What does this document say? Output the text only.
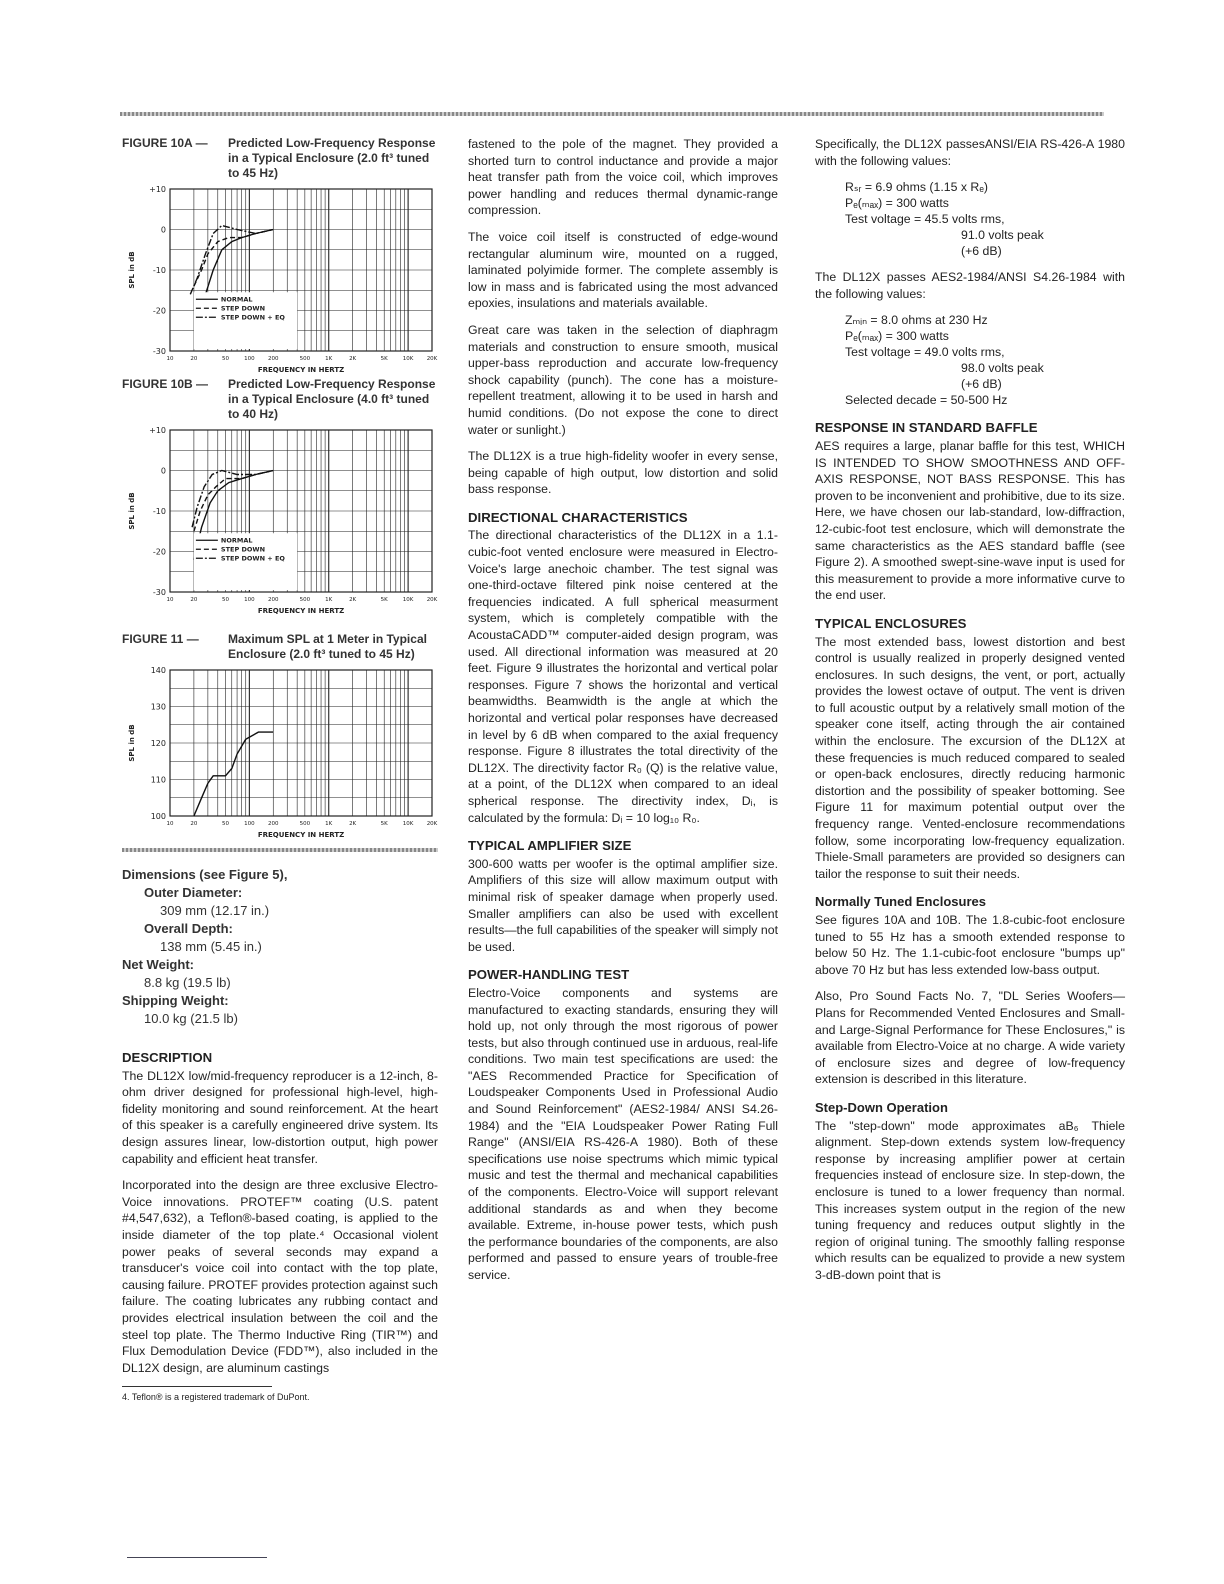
FIGURE 10A —	Predicted Low-Frequency Response in a Typical Enclosure (2.0 ft³ tuned to 45 Hz)
+10
0
-10
-20
-30
10	20	50	100 200	500	1K	2K	5K	10K 20K
SPL in dB
FREQUENCY IN HERTZ
NORMAL
STEP DOWN
STEP DOWN + EQ
FIGURE 10B —	Predicted Low-Frequency Response in a Typical Enclosure (4.0 ft³ tuned to 40 Hz)
+10
0
-10
-20
-30
10	20	50	100 200	500	1K	2K	5K	10K 20K
SPL in dB
FREQUENCY IN HERTZ
NORMAL
STEP DOWN
STEP DOWN + EQ
FIGURE 11 —	Maximum SPL at 1 Meter in Typical Enclosure (2.0 ft³ tuned to 45 Hz)
140
130
120
110
100
10	20	50	100 200	500	1K	2K	5K	10K 20K
SPL in dB
FREQUENCY IN HERTZ
Dimensions (see Figure 5),
Outer Diameter:
309 mm (12.17 in.)
Overall Depth:
138 mm (5.45 in.)
Net Weight:
8.8 kg (19.5 lb)
Shipping Weight:
10.0 kg (21.5 lb)
DESCRIPTION

The DL12X low/mid-frequency reproducer is a 12-inch, 8-ohm driver designed for professional high-level, high-fidelity monitoring and sound reinforcement. At the heart of this speaker is a carefully engineered drive system. Its design assures linear, low-distortion output, high power capability and efficient heat transfer.

Incorporated into the design are three exclusive Electro-Voice innovations. PROTEF™ coating (U.S. patent #4,547,632), a Teflon®-based coating, is applied to the inside diameter of the top plate.⁴ Occasional violent power peaks of several seconds may expand a transducer's voice coil into contact with the top plate, causing failure. PROTEF provides protection against such failure. The coating lubricates any rubbing contact and provides electrical insulation between the coil and the steel top plate. The Thermo Inductive Ring (TIR™) and Flux Demodulation Device (FDD™), also included in the DL12X design, are aluminum castings

4. Teflon® is a registered trademark of DuPont.

fastened to the pole of the magnet. They provided a shorted turn to control inductance and provide a major heat transfer path from the voice coil, which improves power handling and reduces thermal dynamic-range compression.

The voice coil itself is constructed of edge-wound rectangular aluminum wire, mounted on a rugged, laminated polyimide former. The complete assembly is low in mass and is fabricated using the most advanced epoxies, insulations and materials available.

Great care was taken in the selection of diaphragm materials and construction to ensure smooth, musical upper-bass reproduction and accurate low-frequency shock capability (punch). The cone has a moisture-repellent treatment, allowing it to be used in harsh and humid conditions. (Do not expose the cone to direct water or sunlight.)

The DL12X is a true high-fidelity woofer in every sense, being capable of high output, low distortion and solid bass response.

DIRECTIONAL CHARACTERISTICS

The directional characteristics of the DL12X in a 1.1-cubic-foot vented enclosure were measured in Electro-Voice's large anechoic chamber. The test signal was one-third-octave filtered pink noise centered at the frequencies indicated. A full spherical measurment system, which is completely compatible with the AcoustaCADD™ computer-aided design program, was used. All directional information was measured at 20 feet. Figure 9 illustrates the horizontal and vertical polar responses. Figure 7 shows the horizontal and vertical beamwidths. Beamwidth is the angle at which the horizontal and vertical polar responses have decreased in level by 6 dB when compared to the axial frequency response. Figure 8 illustrates the total directivity of the DL12X. The directivity factor R₀ (Q) is the relative value, at a point, of the DL12X when compared to an ideal spherical response. The directivity index, Dᵢ, is calculated by the formula: Dᵢ = 10 log₁₀ R₀.

TYPICAL AMPLIFIER SIZE

300-600 watts per woofer is the optimal amplifier size. Amplifiers of this size will allow maximum output with minimal risk of speaker damage when properly used. Smaller amplifiers can also be used with excellent results—the full capabilities of the speaker will simply not be used.

POWER-HANDLING TEST

Electro-Voice components and systems are manufactured to exacting standards, ensuring they will hold up, not only through the most rigorous of power tests, but also through continued use in arduous, real-life conditions. Two main test specifications are used: the "AES Recommended Practice for Specification of Loudspeaker Components Used in Professional Audio and Sound Reinforcement" (AES2-1984/ ANSI S4.26-1984) and the "EIA Loudspeaker Power Rating Full Range" (ANSI/EIA RS-426-A 1980). Both of these specifications use noise spectrums which mimic typical music and test the thermal and mechanical capabilities of the components. Electro-Voice will support relevant additional standards as and when they become available. Extreme, in-house power tests, which push the performance boundaries of the components, are also performed and passed to ensure years of trouble-free service.

Specifically, the DL12X passesANSI/EIA RS-426-A 1980 with the following values:

Rₛᵣ = 6.9 ohms (1.15 x Rₑ)
Pₑ(ₘₐₓ) = 300 watts
Test voltage = 45.5 volts rms,
91.0 volts peak
(+6 dB)

The DL12X passes AES2-1984/ANSI S4.26-1984 with the following values:

Zₘᵢₙ = 8.0 ohms at 230 Hz
Pₑ(ₘₐₓ) = 300 watts
Test voltage = 49.0 volts rms,
98.0 volts peak
(+6 dB)
Selected decade = 50-500 Hz
RESPONSE IN STANDARD BAFFLE

AES requires a large, planar baffle for this test, WHICH IS INTENDED TO SHOW SMOOTHNESS AND OFF-AXIS RESPONSE, NOT BASS RESPONSE. This has proven to be inconvenient and prohibitive, due to its size. Here, we have chosen our lab-standard, low-diffraction, 12-cubic-foot test enclosure, which will demonstrate the same characteristics as the AES standard baffle (see Figure 2). A smoothed swept-sine-wave input is used for this measurement to provide a more informative curve to the end user.

TYPICAL ENCLOSURES

The most extended bass, lowest distortion and best control is usually realized in properly designed vented enclosures. In such designs, the vent, or port, actually provides the lowest octave of output. The vent is driven to full acoustic output by a relatively small motion of the speaker cone itself, acting through the air contained within the enclosure. The excursion of the DL12X at these frequencies is much reduced compared to sealed or open-back enclosures, directly reducing harmonic distortion and the possibility of speaker bottoming. See Figure 11 for maximum potential output over the frequency range. Vented-enclosure recommendations follow, some incorporating low-frequency equalization. Thiele-Small parameters are provided so designers can tailor the response to suit their needs.

Normally Tuned Enclosures

See figures 10A and 10B. The 1.8-cubic-foot enclosure tuned to 55 Hz has a smooth extended response to below 50 Hz. The 1.1-cubic-foot enclosure "bumps up" above 70 Hz but has less extended low-bass output.

Also, Pro Sound Facts No. 7, "DL Series Woofers—Plans for Recommended Vented Enclosures and Small- and Large-Signal Performance for These Enclosures," is available from Electro-Voice at no charge. A wide variety of enclosure sizes and degree of low-frequency extension is described in this literature.

Step-Down Operation

The "step-down" mode approximates aB₆ Thiele alignment. Step-down extends system low-frequency response by increasing amplifier power at certain frequencies instead of enclosure size. In step-down, the enclosure is tuned to a lower frequency than normal. This increases system output in the region of the new tuning frequency and reduces output slightly in the region of original tuning. The smoothly falling response which results can be equalized to provide a new system 3-dB-down point that is
